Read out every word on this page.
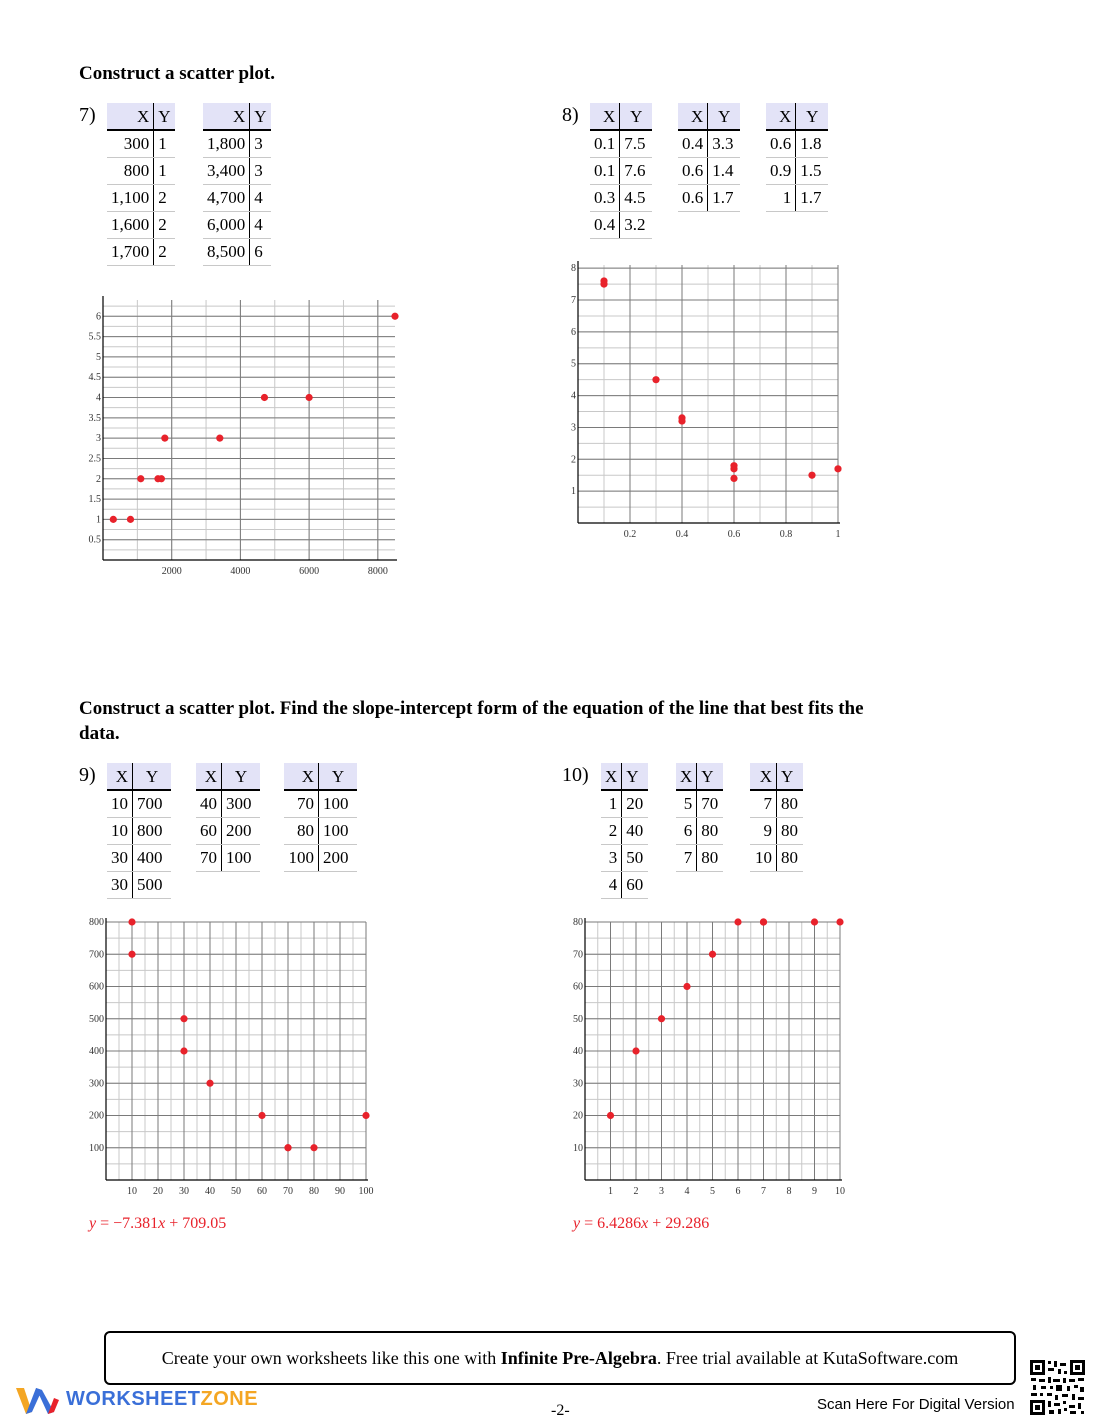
Construct a scatter plot.
7) X	Y
300	1
800	1
1,100	2
1,600	2
1,700	2
X	Y
1,800	3
3,400	3
4,700	4
6,000	4
8,500	6
2000	4000	6000	8000
0.5
1
1.5
2
2.5
3
3.5
4
4.5
5
5.5
6
8) X	Y
0.1	7.5
0.1	7.6
0.3	4.5
0.4	3.2
X	Y
0.4	3.3
0.6	1.4
0.6	1.7
X	Y
0.6	1.8
0.9	1.5
1	1.7
0.2	0.4	0.6	0.8	1
1
2
3
4
5
6
7
8
Construct a scatter plot. Find the slope-intercept form of the equation of the line that best fits the
data.
9) X	Y
10	700
10	800
30	400
30	500
X	Y
40	300
60	200
70	100
X	Y
70	100
80	100
100	200
10 20 30 40 50 60 70 80 90 100
100
200
300
400
500
600
700
800
y = −7.381x + 709.05
10) X	Y
1	20
2	40
3	50
4	60
X	Y
5	70
6	80
7	80
X	Y
7	80
9	80
10	80
1 2 3 4 5 6 7 8 9 10
10
20
30
40
50
60
70
80
y = 6.4286x + 29.286
Create your own worksheets like this one with Infinite Pre-Algebra. Free trial available at KutaSoftware.com
WORKSHEETZONE
-2-	Scan Here For Digital Version
